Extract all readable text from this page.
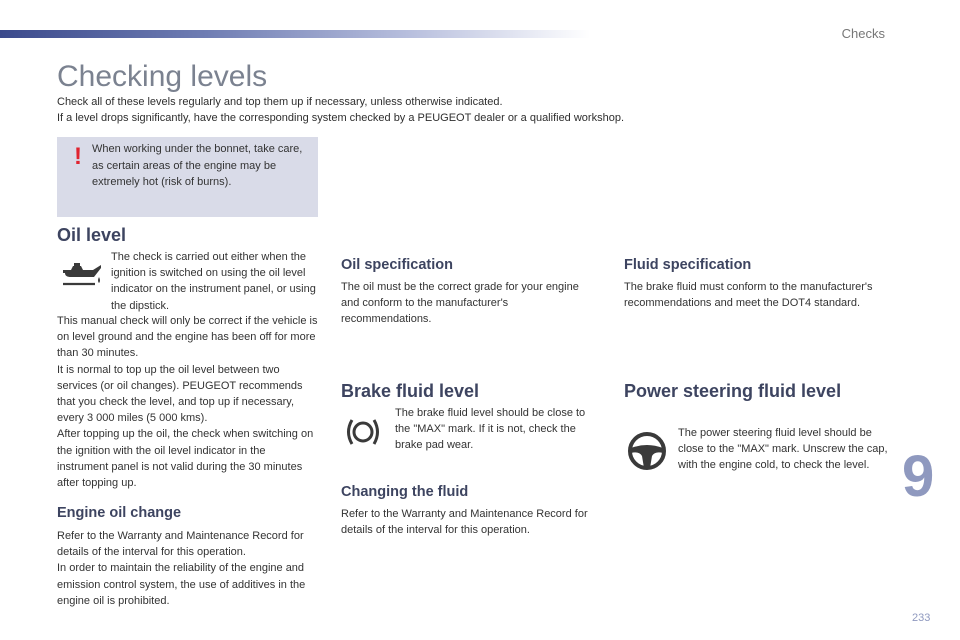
Checks
Checking levels

Check all of these levels regularly and top them up if necessary, unless otherwise indicated.

If a level drops significantly, have the corresponding system checked by a PEUGEOT dealer or a qualified workshop.

! When working under the bonnet, take care, as certain areas of the engine may be extremely hot (risk of burns).
Oil level
The check is carried out either when the ignition is switched on using the oil level indicator on the instrument panel, or using the dipstick.

This manual check will only be correct if the vehicle is on level ground and the engine has been off for more than 30 minutes.

It is normal to top up the oil level between two services (or oil changes). PEUGEOT recommends that you check the level, and top up if necessary, every 3 000 miles (5 000 kms).

After topping up the oil, the check when switching on the ignition with the oil level indicator in the instrument panel is not valid during the 30 minutes after topping up.

Engine oil change

Refer to the Warranty and Maintenance Record for details of the interval for this operation.

In order to maintain the reliability of the engine and emission control system, the use of additives in the engine oil is prohibited.

Oil specification
The oil must be the correct grade for your engine and conform to the manufacturer's recommendations.
Brake fluid level
The brake fluid level should be close to the "MAX" mark. If it is not, check the brake pad wear.
Changing the fluid
Refer to the Warranty and Maintenance Record for details of the interval for this operation.
Fluid specification
The brake fluid must conform to the manufacturer's recommendations and meet the DOT4 standard.
Power steering fluid level
The power steering fluid level should be close to the "MAX" mark. Unscrew the cap, with the engine cold, to check the level. 9
233
